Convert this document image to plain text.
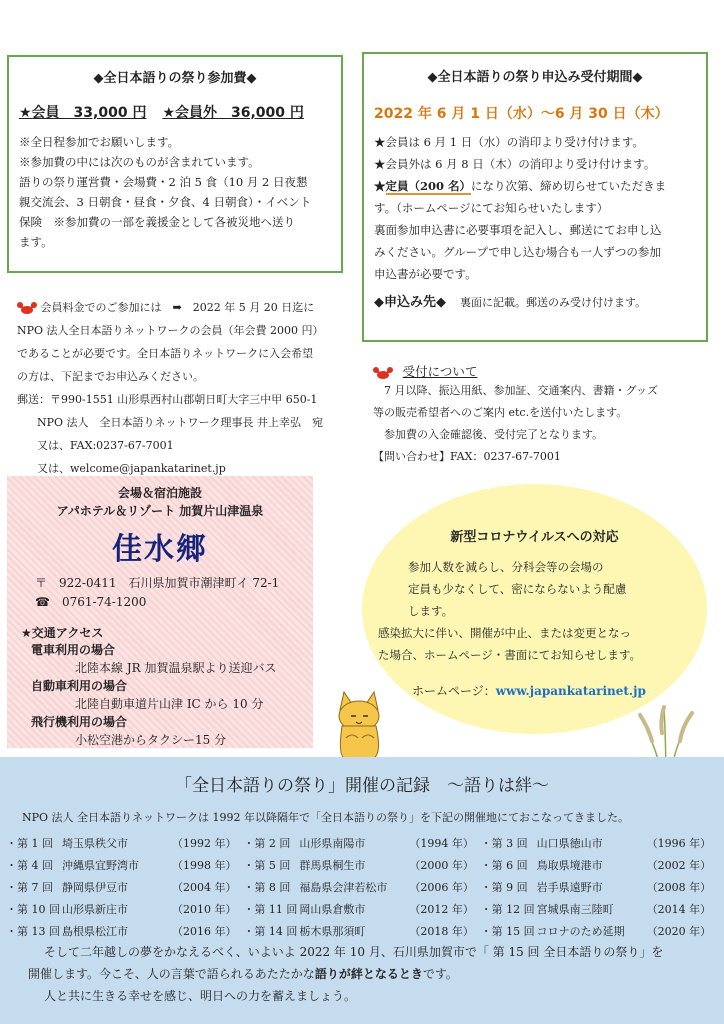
◆全日本語りの祭り参加費◆
★会員　33,000 円 ★会員外　36,000 円
※全日程参加でお願いします。
※参加費の中には次のものが含まれています。
語りの祭り運営費・会場費・2 泊 5 食（10 月 2 日夜懇
親交流会、3 日朝食・昼食・夕食、4 日朝食）・イベント
保険　※参加費の一部を義援金として各被災地へ送り
ます。
◆全日本語りの祭り申込み受付期間◆
2022 年 6 月 1 日（水）～6 月 30 日（木）
★会員は 6 月 1 日（水）の消印より受け付けます。
★会員外は 6 月 8 日（木）の消印より受け付けます。
★定員（200 名）になり次第、締め切らせていただきま
す。（ホームページにてお知らせいたします）
裏面参加申込書に必要事項を記入し、郵送にてお申し込
みください。グループで申し込む場合も一人ずつの参加
申込書が必要です。
◆申込み先◆ 裏面に記載。郵送のみ受け付けます。
会員料金でのご参加には　➡　2022 年 5 月 20 日迄に
NPO 法人全日本語りネットワークの会員（年会費 2000 円）
であることが必要です。全日本語りネットワークに入会希望
の方は、下記までお申込みください。
郵送：〒990-1551 山形県西村山郡朝日町大字三中甲 650-1
NPO 法人　全日本語りネットワーク理事長 井上幸弘　宛
又は、FAX:0237-67-7001
又は、welcome@japankatarinet.jp
受付について
　7 月以降、振込用紙、参加証、交通案内、書籍・グッズ
等の販売希望者へのご案内 etc.を送付いたします。
　参加費の入金確認後、受付完了となります。
【問い合わせ】FAX：0237-67-7001
会場＆宿泊施設
アパホテル＆リゾート 加賀片山津温泉
佳水郷
〒　922-0411　石川県加賀市潮津町イ 72-1
☎　0761-74-1200
★交通アクセス
電車利用の場合
北陸本線 JR 加賀温泉駅より送迎バス
自動車利用の場合
北陸自動車道片山津 IC から 10 分
飛行機利用の場合
小松空港からタクシー15 分
新型コロナウイルスへの対応
参加人数を減らし、分科会等の会場の
定員も少なくして、密にならないよう配慮
します。
感染拡大に伴い、開催が中止、または変更となっ
た場合、ホームページ・書面にてお知らせします。
ホームページ：www.japankatarinet.jp
「全日本語りの祭り」開催の記録　～語りは絆～
NPO 法人 全日本語りネットワークは 1992 年以降隔年で「全日本語りの祭り」を下記の開催地にておこなってきました。
・第 1 回 埼玉県秩父市	（1992 年） ・第 2 回 山形県南陽市	（1994 年） ・第 3 回 山口県徳山市	（1996 年）
・第 4 回 沖縄県宜野湾市	（1998 年） ・第 5 回 群馬県桐生市	（2000 年） ・第 6 回 鳥取県境港市	（2002 年）
・第 7 回 静岡県伊豆市	（2004 年） ・第 8 回 福島県会津若松市	（2006 年） ・第 9 回 岩手県遠野市	（2008 年）
・第 10 回 山形県新庄市	（2010 年） ・第 11 回 岡山県倉敷市	（2012 年） ・第 12 回 宮城県南三陸町	（2014 年）
・第 13 回 島根県松江市	（2016 年） ・第 14 回 栃木県那須町	（2018 年） ・第 15 回 コロナのため延期	（2020 年）
そして二年越しの夢をかなえるべく、いよいよ 2022 年 10 月、石川県加賀市で「 第 15 回 全日本語りの祭り」を
開催します。今こそ、人の言葉で語られるあたたかな語りが絆となるときです。
人と共に生きる幸せを感じ、明日への力を蓄えましょう。
